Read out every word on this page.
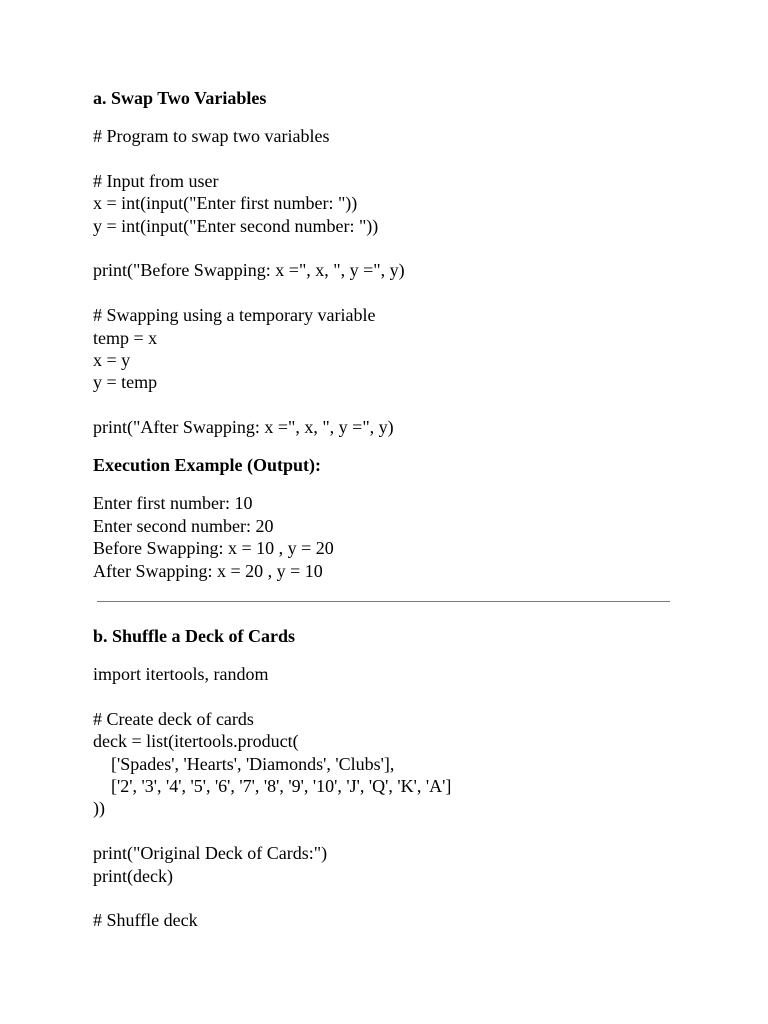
a. Swap Two Variables
# Program to swap two variables
# Input from user
x = int(input("Enter first number: "))
y = int(input("Enter second number: "))
print("Before Swapping: x =", x, ", y =", y)
# Swapping using a temporary variable
temp = x
x = y
y = temp
print("After Swapping: x =", x, ", y =", y)
Execution Example (Output):
Enter first number: 10
Enter second number: 20
Before Swapping: x = 10 , y = 20
After Swapping: x = 20 , y = 10
b. Shuffle a Deck of Cards
import itertools, random
# Create deck of cards
deck = list(itertools.product(
['Spades', 'Hearts', 'Diamonds', 'Clubs'],
['2', '3', '4', '5', '6', '7', '8', '9', '10', 'J', 'Q', 'K', 'A']
))
print("Original Deck of Cards:")
print(deck)
# Shuffle deck
